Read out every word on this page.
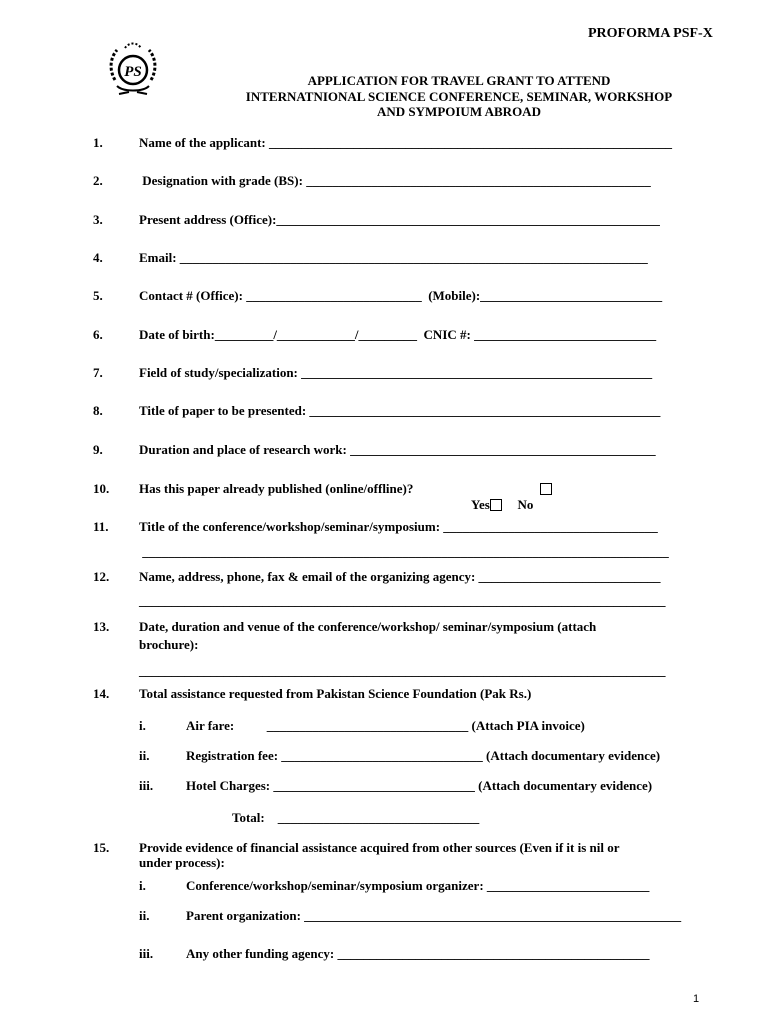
PROFORMA PSF-X
PS
APPLICATION FOR TRAVEL GRANT TO ATTEND
INTERNATNIONAL SCIENCE CONFERENCE, SEMINAR, WORKSHOP
AND SYMPOIUM ABROAD
1.	Name of the applicant: ______________________________________________________________
2.	Designation with grade (BS): _____________________________________________________
3.	Present address (Office):___________________________________________________________
4.	Email: ________________________________________________________________________
5.	Contact # (Office): ___________________________  (Mobile):____________________________
6.	Date of birth:_________/____________/_________  CNIC #: ____________________________
7.	Field of study/specialization: ______________________________________________________
8.	Title of paper to be presented: ______________________________________________________
9.	Duration and place of research work: _______________________________________________
10. Has this paper already published (online/offline)?

Yes	No

11. Title of the conference/workshop/seminar/symposium: _________________________________
_________________________________________________________________________________
12. Name, address, phone, fax & email of the organizing agency: ____________________________
_________________________________________________________________________________
13. Date, duration and venue of the conference/workshop/ seminar/symposium (attach
brochure):
_________________________________________________________________________________
14. Total assistance requested from Pakistan Science Foundation (Pak Rs.)
i.	Air fare:          _______________________________ (Attach PIA invoice)
ii.	Registration fee: _______________________________ (Attach documentary evidence)
iii.	Hotel Charges: _______________________________ (Attach documentary evidence)
Total:    _______________________________
15. Provide evidence of financial assistance acquired from other sources (Even if it is nil or
under process):
i.	Conference/workshop/seminar/symposium organizer: _________________________
ii.	Parent organization: __________________________________________________________
iii.	Any other funding agency: ________________________________________________
1
